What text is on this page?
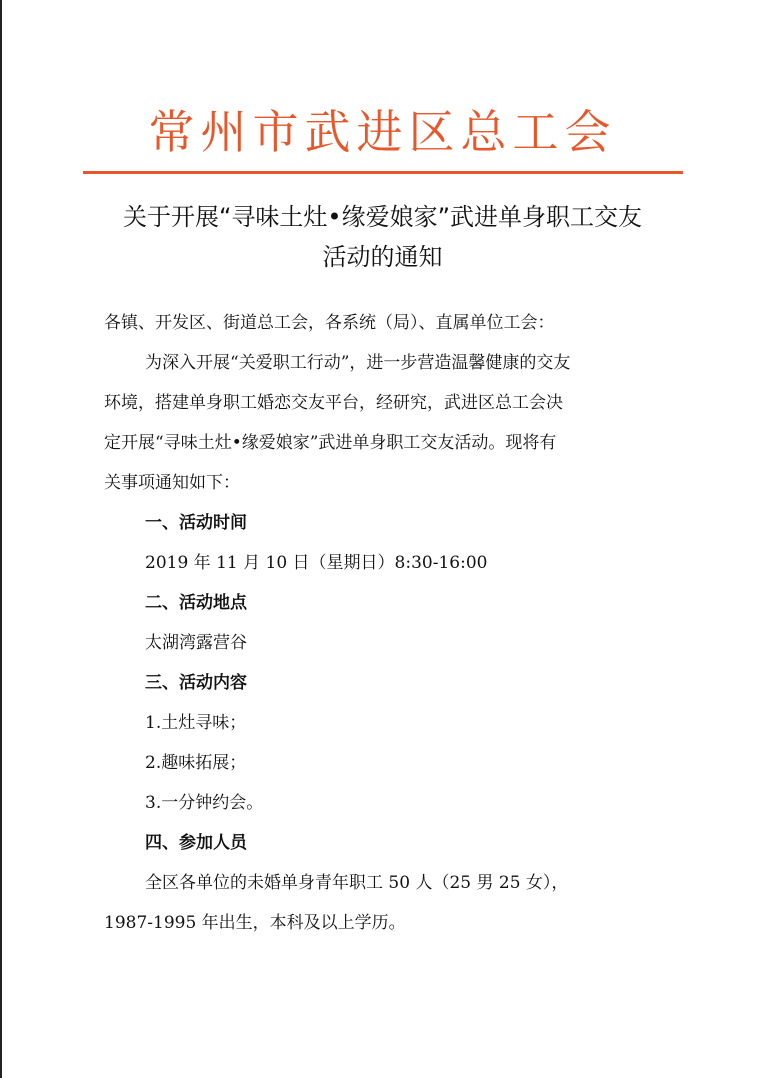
常州市武进区总工会
关于开展“寻味土灶•缘爱娘家”武进单身职工交友
活动的通知
各镇、开发区、街道总工会，各系统（局）、直属单位工会：
为深入开展“关爱职工行动”，进一步营造温馨健康的交友
环境，搭建单身职工婚恋交友平台，经研究，武进区总工会决
定开展“寻味土灶•缘爱娘家”武进单身职工交友活动。现将有
关事项通知如下：
一、活动时间
2019 年 11 月 10 日（星期日）8:30-16:00
二、活动地点
太湖湾露营谷
三、活动内容
1.土灶寻味；
2.趣味拓展；
3.一分钟约会。
四、参加人员
全区各单位的未婚单身青年职工 50 人（25 男 25 女），
1987-1995 年出生，本科及以上学历。
